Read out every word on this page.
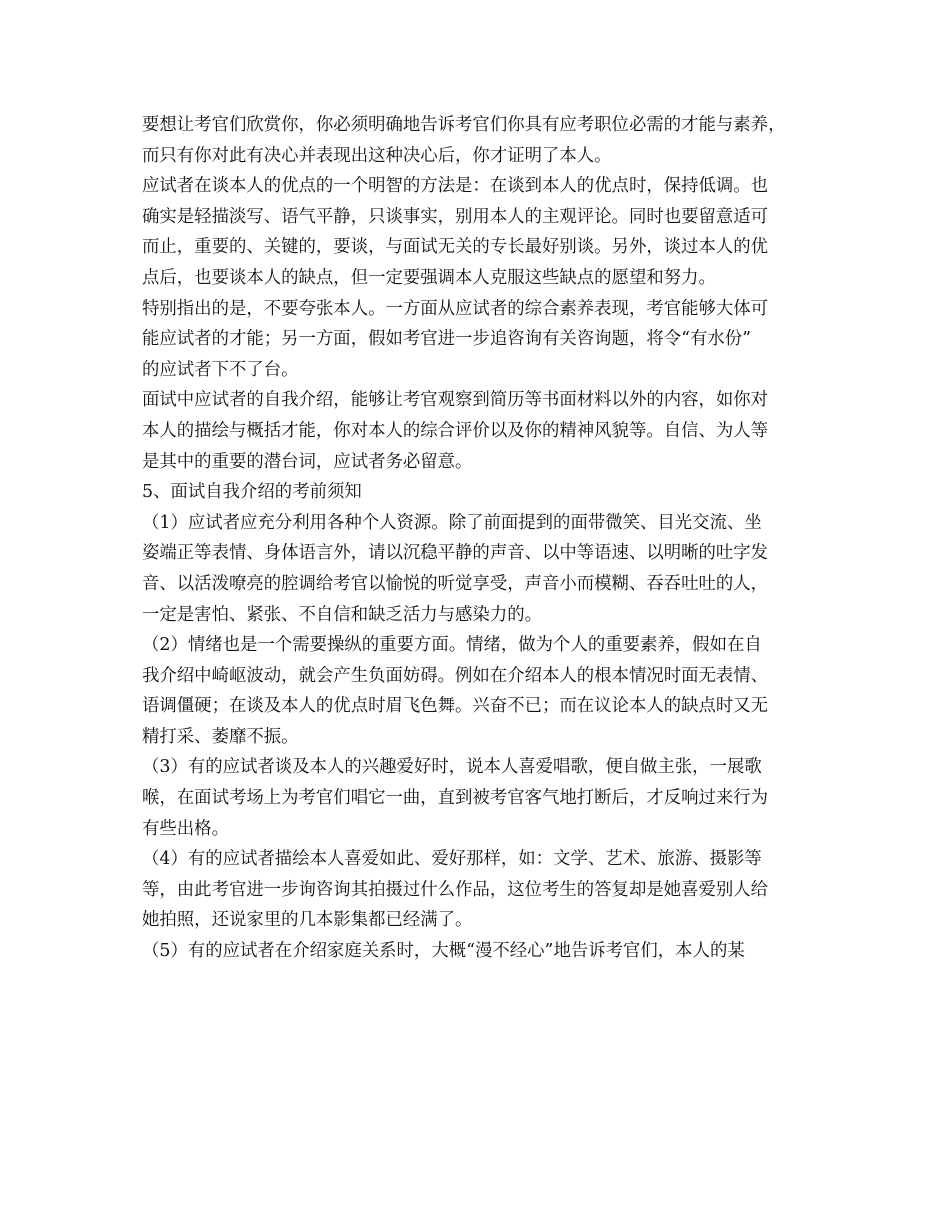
要想让考官们欣赏你，你必须明确地告诉考官们你具有应考职位必需的才能与素养，
而只有你对此有决心并表现出这种决心后，你才证明了本人。

应试者在谈本人的优点的一个明智的方法是：在谈到本人的优点时，保持低调。也
确实是轻描淡写、语气平静，只谈事实，别用本人的主观评论。同时也要留意适可
而止，重要的、关键的，要谈，与面试无关的专长最好别谈。另外，谈过本人的优
点后，也要谈本人的缺点，但一定要强调本人克服这些缺点的愿望和努力。

特别指出的是，不要夸张本人。一方面从应试者的综合素养表现，考官能够大体可
能应试者的才能；另一方面，假如考官进一步追咨询有关咨询题，将令“有水份”
的应试者下不了台。

面试中应试者的自我介绍，能够让考官观察到简历等书面材料以外的内容，如你对
本人的描绘与概括才能，你对本人的综合评价以及你的精神风貌等。自信、为人等
是其中的重要的潜台词，应试者务必留意。

5、面试自我介绍的考前须知

（1）应试者应充分利用各种个人资源。除了前面提到的面带微笑、目光交流、坐
姿端正等表情、身体语言外，请以沉稳平静的声音、以中等语速、以明晰的吐字发
音、以活泼嘹亮的腔调给考官以愉悦的听觉享受，声音小而模糊、吞吞吐吐的人，
一定是害怕、紧张、不自信和缺乏活力与感染力的。

（2）情绪也是一个需要操纵的重要方面。情绪，做为个人的重要素养，假如在自
我介绍中崎岖波动，就会产生负面妨碍。例如在介绍本人的根本情况时面无表情、
语调僵硬；在谈及本人的优点时眉飞色舞。兴奋不已；而在议论本人的缺点时又无
精打采、萎靡不振。

（3）有的应试者谈及本人的兴趣爱好时，说本人喜爱唱歌，便自做主张，一展歌
喉，在面试考场上为考官们唱它一曲，直到被考官客气地打断后，才反响过来行为
有些出格。

（4）有的应试者描绘本人喜爱如此、爱好那样，如：文学、艺术、旅游、摄影等
等，由此考官进一步询咨询其拍摄过什么作品，这位考生的答复却是她喜爱别人给
她拍照，还说家里的几本影集都已经满了。

（5）有的应试者在介绍家庭关系时，大概“漫不经心”地告诉考官们，本人的某
